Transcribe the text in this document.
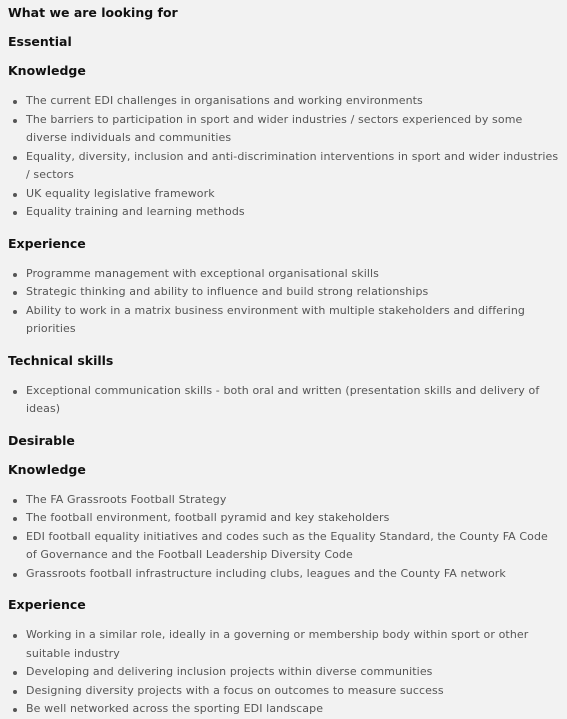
What we are looking for
Essential
Knowledge
The current EDI challenges in organisations and working environments
The barriers to participation in sport and wider industries / sectors experienced by some diverse individuals and communities
Equality, diversity, inclusion and anti-discrimination interventions in sport and wider industries / sectors
UK equality legislative framework
Equality training and learning methods
Experience
Programme management with exceptional organisational skills
Strategic thinking and ability to influence and build strong relationships
Ability to work in a matrix business environment with multiple stakeholders and differing priorities
Technical skills
Exceptional communication skills - both oral and written (presentation skills and delivery of ideas)
Desirable
Knowledge
The FA Grassroots Football Strategy
The football environment, football pyramid and key stakeholders
EDI football equality initiatives and codes such as the Equality Standard, the County FA Code of Governance and the Football Leadership Diversity Code
Grassroots football infrastructure including clubs, leagues and the County FA network
Experience
Working in a similar role, ideally in a governing or membership body within sport or other suitable industry
Developing and delivering inclusion projects within diverse communities
Designing diversity projects with a focus on outcomes to measure success
Be well networked across the sporting EDI landscape
